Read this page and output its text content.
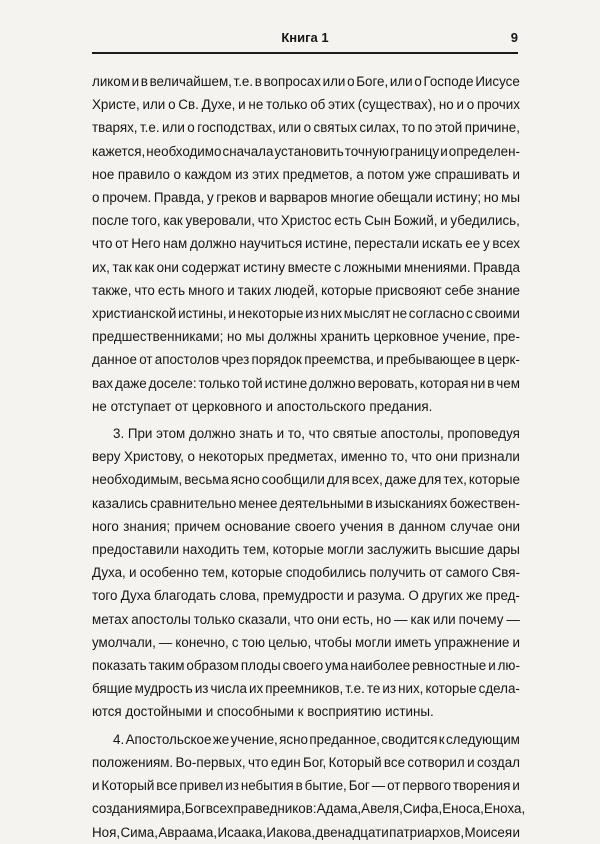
Книга 1	9
ликом и в величайшем, т.е. в вопросах или о Боге, или о Господе Иисусе
Христе, или о Св. Духе, и не только об этих (существах), но и о прочих
тварях, т.е. или о господствах, или о святых силах, то по этой причине,
кажется, необходимо сначала установить точную границу и определен-
ное правило о каждом из этих предметов, а потом уже спрашивать и
о прочем. Правда, у греков и варваров многие обещали истину; но мы
после того, как уверовали, что Христос есть Сын Божий, и убедились,
что от Него нам должно научиться истине, перестали искать ее у всех
их, так как они содержат истину вместе с ложными мнениями. Правда
также, что есть много и таких людей, которые присвояют себе знание
христианской истины, и некоторые из них мыслят не согласно с своими
предшественниками; но мы должны хранить церковное учение, пре-
данное от апостолов чрез порядок преемства, и пребывающее в церк-
вах даже доселе: только той истине должно веровать, которая ни в чем
не отступает от церковного и апостольского предания.
3. При этом должно знать и то, что святые апостолы, проповедуя
веру Христову, о некоторых предметах, именно то, что они признали
необходимым, весьма ясно сообщили для всех, даже для тех, которые
казались сравнительно менее деятельными в изысканиях божествен-
ного знания; причем основание своего учения в данном случае они
предоставили находить тем, которые могли заслужить высшие дары
Духа, и особенно тем, которые сподобились получить от самого Свя-
того Духа благодать слова, премудрости и разума. О других же пред-
метах апостолы только сказали, что они есть, но — как или почему —
умолчали, — конечно, с тою целью, чтобы могли иметь упражнение и
показать таким образом плоды своего ума наиболее ревностные и лю-
бящие мудрость из числа их преемников, т.е. те из них, которые сдела-
ются достойными и способными к восприятию истины.
4. Апостольское же учение, ясно преданное, сводится к следующим
положениям. Во-первых, что един Бог, Который все сотворил и создал
и Который все привел из небытия в бытие, Бог — от первого творения и
создания мира, Бог всех праведников: Адама, Авеля, Сифа, Еноса, Еноха,
Ноя, Сима, Авраама, Исаака, Иакова, двенадцати патриархов, Моисея и
